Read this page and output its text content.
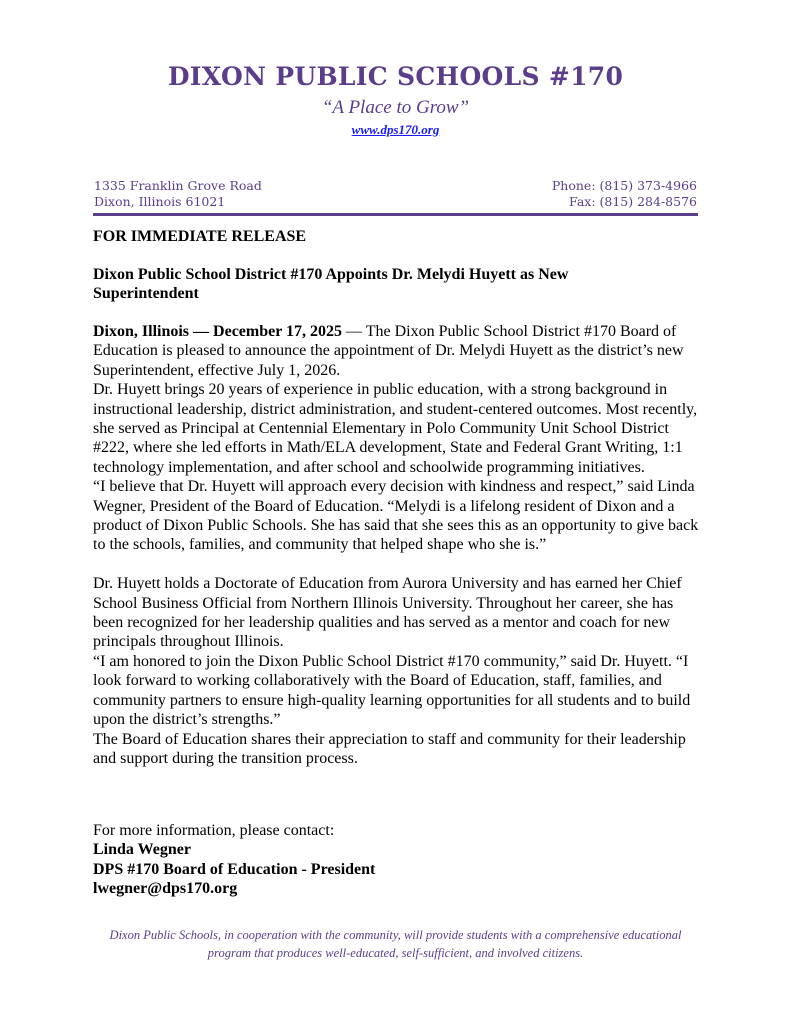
DIXON PUBLIC SCHOOLS #170
“A Place to Grow”
www.dps170.org
1335 Franklin Grove Road
Dixon, Illinois 61021
Phone: (815) 373-4966
Fax: (815) 284-8576
FOR IMMEDIATE RELEASE
Dixon Public School District #170 Appoints Dr. Melydi Huyett as New Superintendent

Dixon, Illinois — December 17, 2025 — The Dixon Public School District #170 Board of Education is pleased to announce the appointment of Dr. Melydi Huyett as the district’s new Superintendent, effective July 1, 2026.

Dr. Huyett brings 20 years of experience in public education, with a strong background in instructional leadership, district administration, and student-centered outcomes. Most recently, she served as Principal at Centennial Elementary in Polo Community Unit School District #222, where she led efforts in Math/ELA development, State and Federal Grant Writing, 1:1 technology implementation, and after school and schoolwide programming initiatives.

“I believe that Dr. Huyett will approach every decision with kindness and respect,” said Linda Wegner, President of the Board of Education. “Melydi is a lifelong resident of Dixon and a product of Dixon Public Schools. She has said that she sees this as an opportunity to give back to the schools, families, and community that helped shape who she is.”

Dr. Huyett holds a Doctorate of Education from Aurora University and has earned her Chief School Business Official from Northern Illinois University. Throughout her career, she has been recognized for her leadership qualities and has served as a mentor and coach for new principals throughout Illinois.

“I am honored to join the Dixon Public School District #170 community,” said Dr. Huyett. “I look forward to working collaboratively with the Board of Education, staff, families, and community partners to ensure high-quality learning opportunities for all students and to build upon the district’s strengths.”

The Board of Education shares their appreciation to staff and community for their leadership and support during the transition process.

For more information, please contact:
Linda Wegner
DPS #170 Board of Education - President
lwegner@dps170.org
Dixon Public Schools, in cooperation with the community, will provide students with a comprehensive educational
program that produces well-educated, self-sufficient, and involved citizens.
